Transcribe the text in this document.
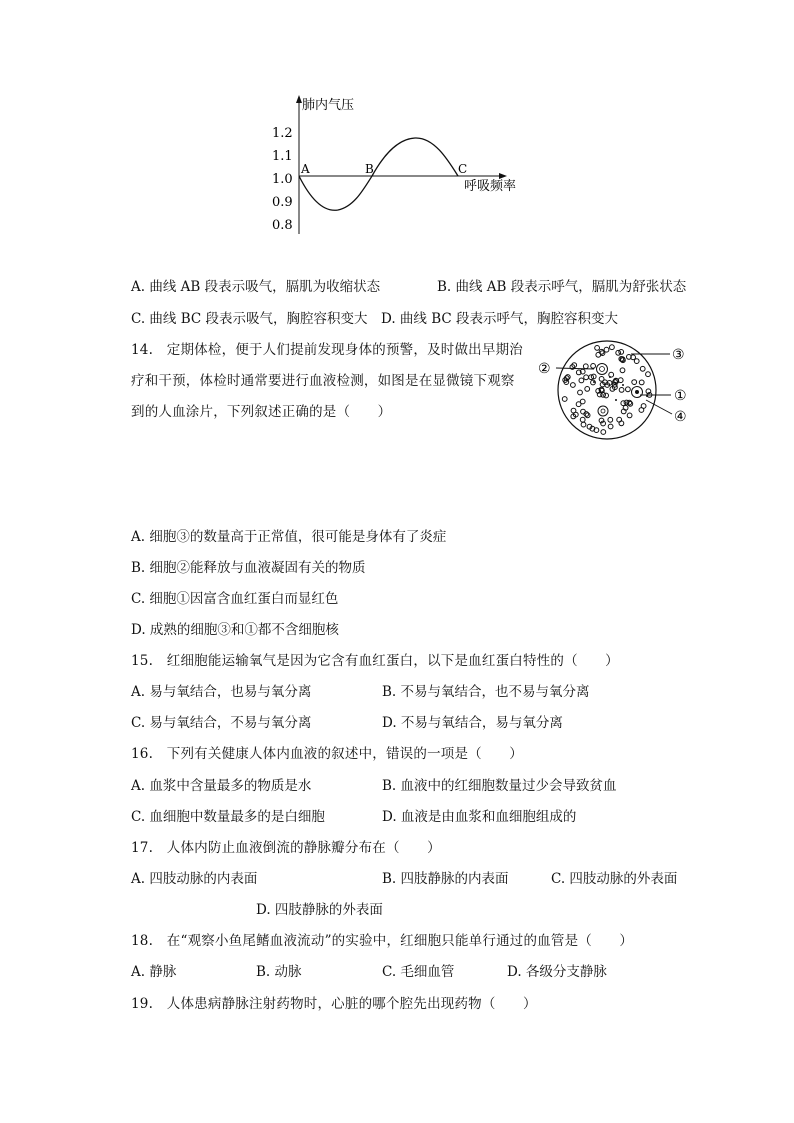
肺内气压
呼吸频率
1.2
1.1
1.0
0.9
0.8
A	B	C
A. 曲线 AB 段表示吸气，膈肌为收缩状态	B. 曲线 AB 段表示呼气，膈肌为舒张状态
C. 曲线 BC 段表示吸气，胸腔容积变大 D. 曲线 BC 段表示呼气，胸腔容积变大
14.　定期体检，便于人们提前发现身体的预警，及时做出早期治
疗和干预，体检时通常要进行血液检测，如图是在显微镜下观察
到的人血涂片，下列叙述正确的是（　　）
③
②
①
④
A. 细胞③的数量高于正常值，很可能是身体有了炎症
B. 细胞②能释放与血液凝固有关的物质
C. 细胞①因富含血红蛋白而显红色
D. 成熟的细胞③和①都不含细胞核
15.　红细胞能运输氧气是因为它含有血红蛋白，以下是血红蛋白特性的（　　）
A. 易与氧结合，也易与氧分离	B. 不易与氧结合，也不易与氧分离
C. 易与氧结合，不易与氧分离	D. 不易与氧结合，易与氧分离
16.　下列有关健康人体内血液的叙述中，错误的一项是（　　）
A. 血浆中含量最多的物质是水	B. 血液中的红细胞数量过少会导致贫血
C. 血细胞中数量最多的是白细胞	D. 血液是由血浆和血细胞组成的
17.　人体内防止血液倒流的静脉瓣分布在（　　）
A. 四肢动脉的内表面	B. 四肢静脉的内表面	C. 四肢动脉的外表面
D. 四肢静脉的外表面
18.　在“观察小鱼尾鳍血液流动”的实验中，红细胞只能单行通过的血管是（　　）
A. 静脉	B. 动脉	C. 毛细血管	D. 各级分支静脉
19.　人体患病静脉注射药物时，心脏的哪个腔先出现药物（　　）
